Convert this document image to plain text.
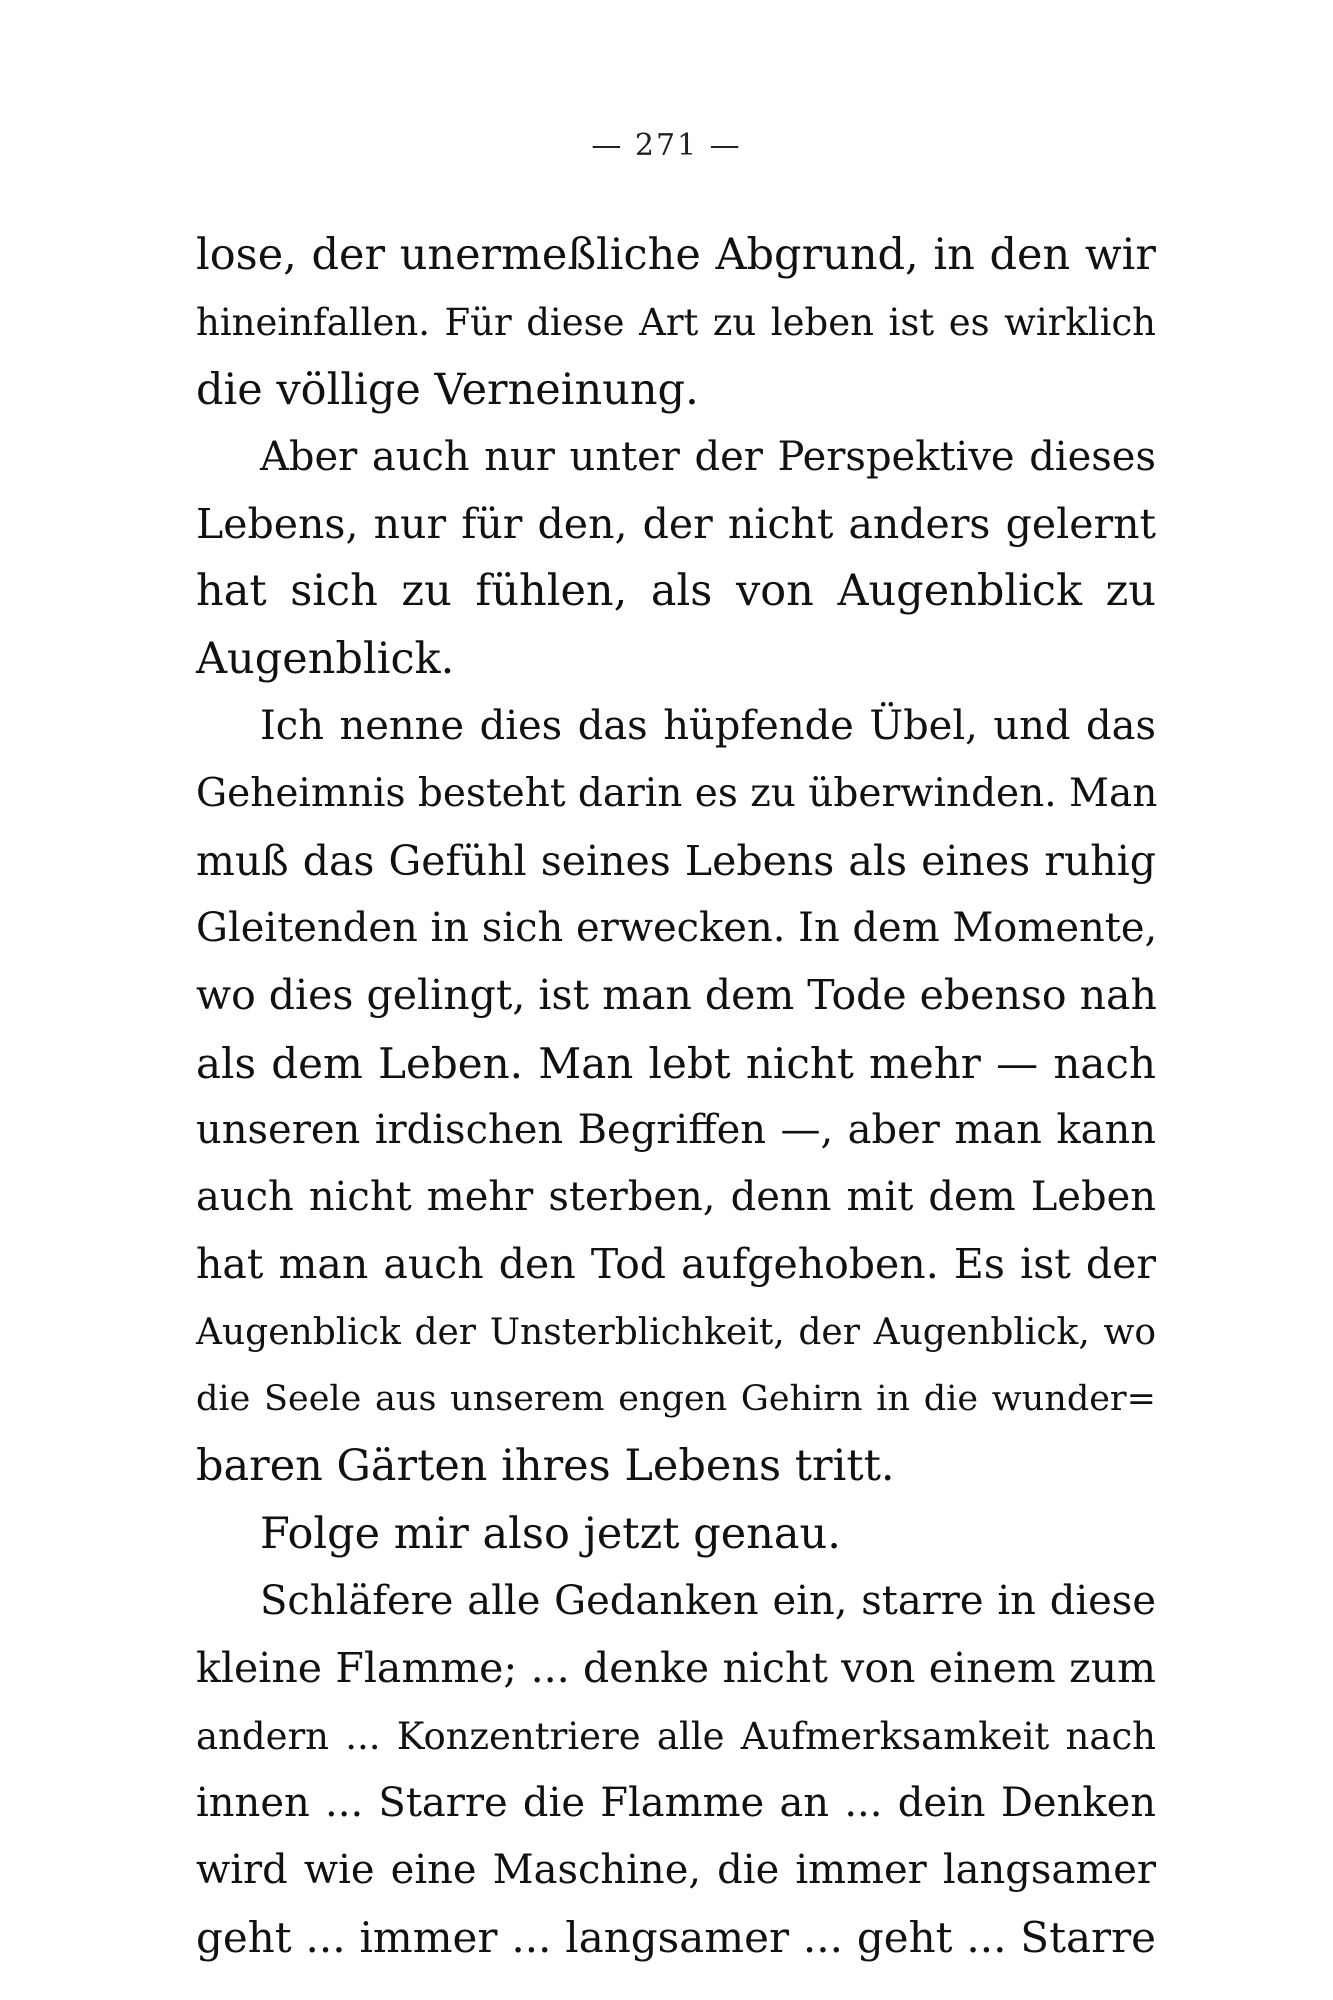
— 271 —
lose, der unermeßliche Abgrund, in den wir
hineinfallen. Für diese Art zu leben ist es wirklich
die völlige Verneinung.
Aber auch nur unter der Perspektive dieses
Lebens, nur für den, der nicht anders gelernt
hat sich zu fühlen, als von Augenblick zu
Augenblick.
Ich nenne dies das hüpfende Übel, und das
Geheimnis besteht darin es zu überwinden. Man
muß das Gefühl seines Lebens als eines ruhig
Gleitenden in sich erwecken. In dem Momente,
wo dies gelingt, ist man dem Tode ebenso nah
als dem Leben. Man lebt nicht mehr — nach
unseren irdischen Begriffen —, aber man kann
auch nicht mehr sterben, denn mit dem Leben
hat man auch den Tod aufgehoben. Es ist der
Augenblick der Unsterblichkeit, der Augenblick, wo
die Seele aus unserem engen Gehirn in die wunder=
baren Gärten ihres Lebens tritt.
Folge mir also jetzt genau.
Schläfere alle Gedanken ein, starre in diese
kleine Flamme; ... denke nicht von einem zum
andern ... Konzentriere alle Aufmerksamkeit nach
innen ... Starre die Flamme an ... dein Denken
wird wie eine Maschine, die immer langsamer
geht ... immer ... langsamer ... geht ... Starre
